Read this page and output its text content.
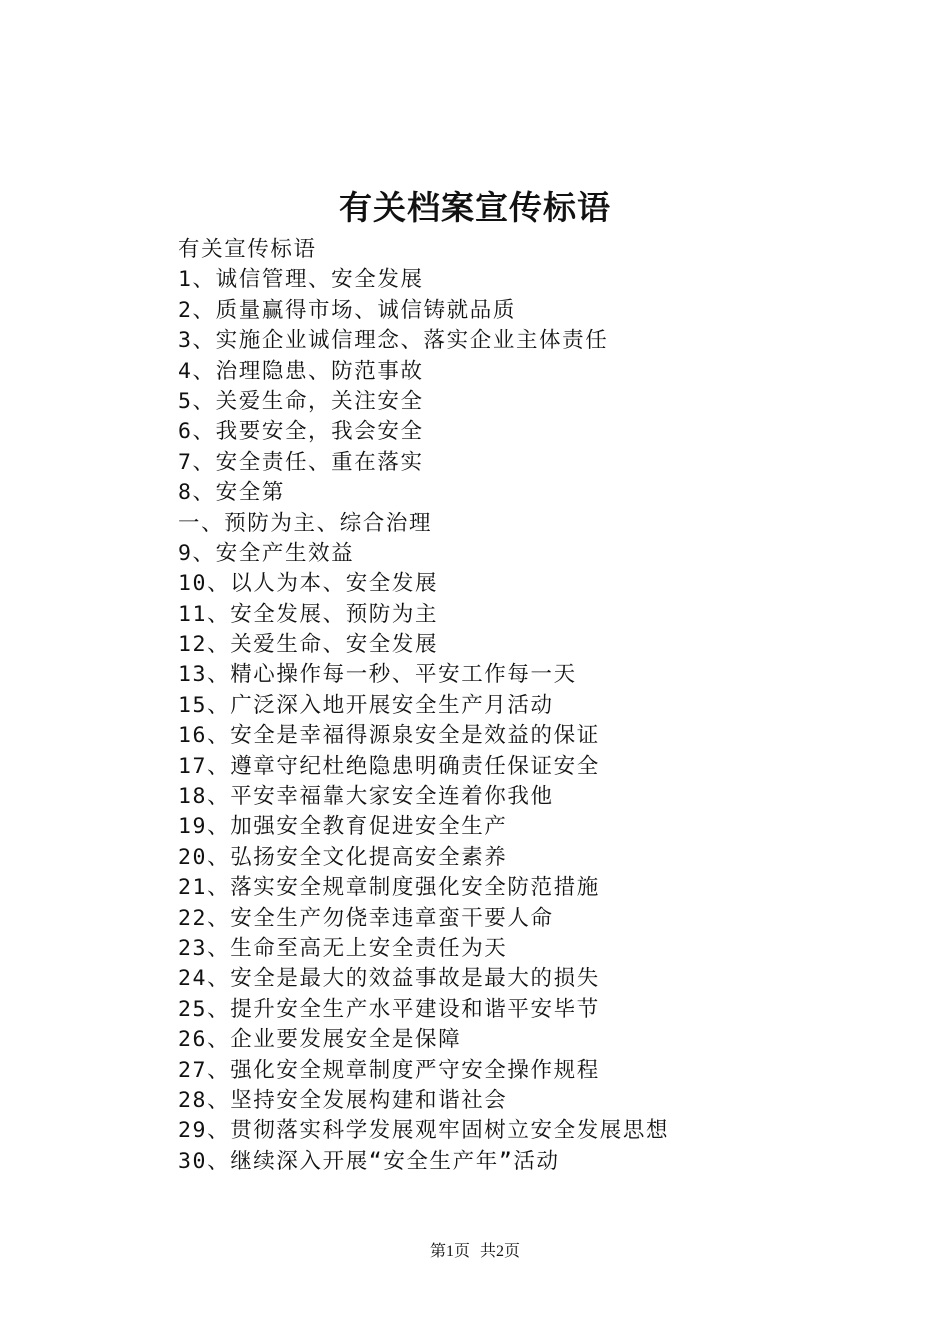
有关档案宣传标语
有关宣传标语
1、诚信管理、安全发展
2、质量赢得市场、诚信铸就品质
3、实施企业诚信理念、落实企业主体责任
4、治理隐患、防范事故
5、关爱生命，关注安全
6、我要安全，我会安全
7、安全责任、重在落实
8、安全第
一、预防为主、综合治理
9、安全产生效益
10、以人为本、安全发展
11、安全发展、预防为主
12、关爱生命、安全发展
13、精心操作每一秒、平安工作每一天
15、广泛深入地开展安全生产月活动
16、安全是幸福得源泉安全是效益的保证
17、遵章守纪杜绝隐患明确责任保证安全
18、平安幸福靠大家安全连着你我他
19、加强安全教育促进安全生产
20、弘扬安全文化提高安全素养
21、落实安全规章制度强化安全防范措施
22、安全生产勿侥幸违章蛮干要人命
23、生命至高无上安全责任为天
24、安全是最大的效益事故是最大的损失
25、提升安全生产水平建设和谐平安毕节
26、企业要发展安全是保障
27、强化安全规章制度严守安全操作规程
28、坚持安全发展构建和谐社会
29、贯彻落实科学发展观牢固树立安全发展思想
30、继续深入开展“安全生产年”活动
第1页 共2页
